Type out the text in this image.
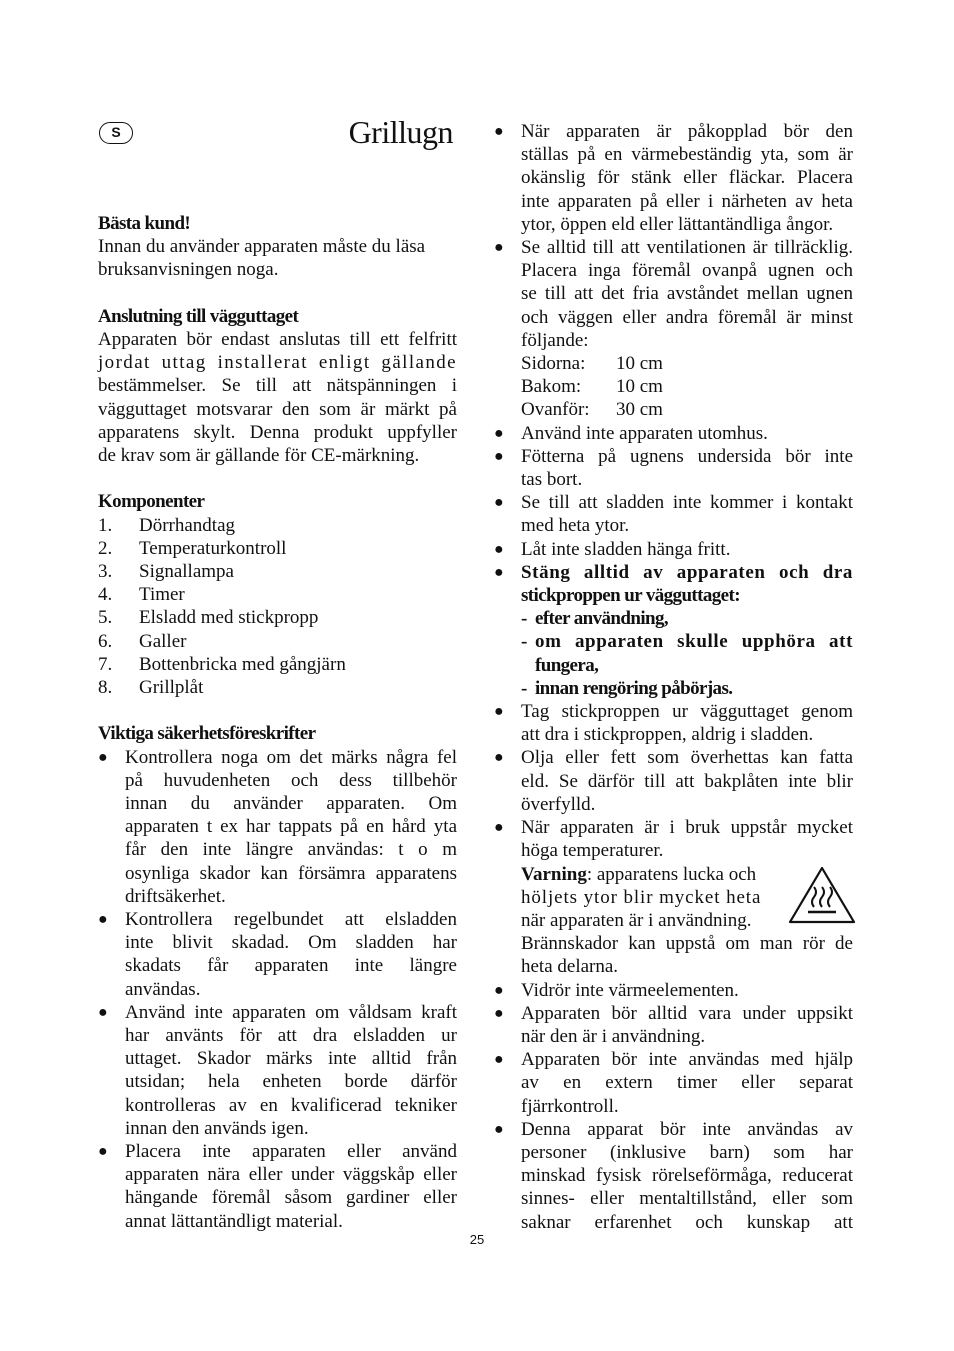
S	Grillugn
Bästa kund!
Innan du använder apparaten måste du läsa
bruksanvisningen noga.
Anslutning till vägguttaget
Apparaten bör endast anslutas till ett felfritt
jordat uttag installerat enligt gällande
bestämmelser. Se till att nätspänningen i
vägguttaget motsvarar den som är märkt på
apparatens skylt. Denna produkt uppfyller
de krav som är gällande för CE-märkning.
Komponenter
1.	Dörrhandtag
2.	Temperaturkontroll
3.	Signallampa
4.	Timer
5.	Elsladd med stickpropp
6.	Galler
7.	Bottenbricka med gångjärn
8.	Grillplåt
Viktiga säkerhetsföreskrifter
● Kontrollera noga om det märks några fel
på huvudenheten och dess tillbehör
innan du använder apparaten. Om
apparaten t ex har tappats på en hård yta
får den inte längre användas: t o m
osynliga skador kan försämra apparatens
driftsäkerhet.
● Kontrollera regelbundet att elsladden
inte blivit skadad. Om sladden har
skadats får apparaten inte längre
användas.
● Använd inte apparaten om våldsam kraft
har använts för att dra elsladden ur
uttaget. Skador märks inte alltid från
utsidan; hela enheten borde därför
kontrolleras av en kvalificerad tekniker
innan den används igen.
● Placera inte apparaten eller använd
apparaten nära eller under väggskåp eller
hängande föremål såsom gardiner eller
annat lättantändligt material.
● När apparaten är påkopplad bör den
ställas på en värmebeständig yta, som är
okänslig för stänk eller fläckar. Placera
inte apparaten på eller i närheten av heta
ytor, öppen eld eller lättantändliga ångor.
● Se alltid till att ventilationen är tillräcklig.
Placera inga föremål ovanpå ugnen och
se till att det fria avståndet mellan ugnen
och väggen eller andra föremål är minst
följande:
Sidorna:	10 cm
Bakom:	10 cm
Ovanför:	30 cm
● Använd inte apparaten utomhus.
● Fötterna på ugnens undersida bör inte
tas bort.
● Se till att sladden inte kommer i kontakt
med heta ytor.
● Låt inte sladden hänga fritt.
● Stäng alltid av apparaten och dra
stickproppen ur vägguttaget:
- efter användning,
- om apparaten skulle upphöra att
fungera,
- innan rengöring påbörjas.
● Tag stickproppen ur vägguttaget genom
att dra i stickproppen, aldrig i sladden.
● Olja eller fett som överhettas kan fatta
eld. Se därför till att bakplåten inte blir
överfylld.
● När apparaten är i bruk uppstår mycket
höga temperaturer.
Varning: apparatens lucka och
höljets ytor blir mycket heta
när apparaten är i användning.
Brännskador kan uppstå om man rör de
heta delarna.
● Vidrör inte värmeelementen.
● Apparaten bör alltid vara under uppsikt
när den är i användning.
● Apparaten bör inte användas med hjälp
av en extern timer eller separat
fjärrkontroll.
● Denna apparat bör inte användas av
personer (inklusive barn) som har
minskad fysisk rörelseförmåga, reducerat
sinnes- eller mentaltillstånd, eller som
saknar erfarenhet och kunskap att
25
